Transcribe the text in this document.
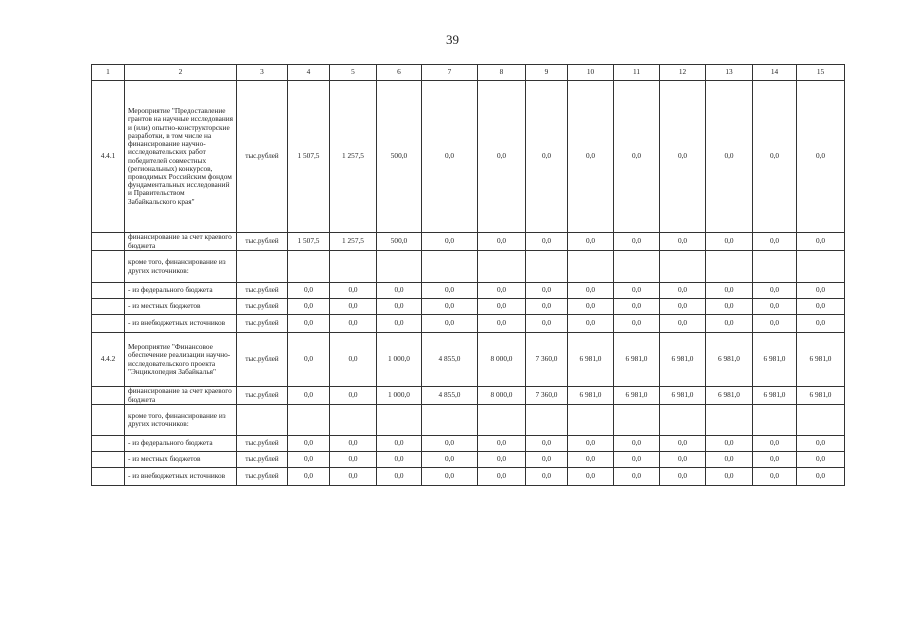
39
1	2	3	4	5	6	7	8	9	10	11	12	13	14	15
4.4.1	Мероприятие "Предоставление грантов на научные исследования и (или) опытно-конструкторские разработки, в том числе на финансирование научно-исследовательских работ победителей совместных (региональных) конкурсов, проводимых Российским фондом фундаментальных исследований и Правительством Забайкальского края"	тыс.рублей	1 507,5	1 257,5	500,0	0,0	0,0	0,0	0,0	0,0	0,0	0,0	0,0	0,0
	финансирование за счет краевого бюджета	тыс.рублей	1 507,5	1 257,5	500,0	0,0	0,0	0,0	0,0	0,0	0,0	0,0	0,0	0,0
	кроме того, финансирование из других источников:													
	- из федерального бюджета	тыс.рублей	0,0	0,0	0,0	0,0	0,0	0,0	0,0	0,0	0,0	0,0	0,0	0,0
	- из местных бюджетов	тыс.рублей	0,0	0,0	0,0	0,0	0,0	0,0	0,0	0,0	0,0	0,0	0,0	0,0
	- из внебюджетных источников	тыс.рублей	0,0	0,0	0,0	0,0	0,0	0,0	0,0	0,0	0,0	0,0	0,0	0,0
4.4.2	Мероприятие "Финансовое обеспечение реализации научно-исследовательского проекта "Энциклопедия Забайкалья"	тыс.рублей	0,0	0,0	1 000,0	4 855,0	8 000,0	7 360,0	6 981,0	6 981,0	6 981,0	6 981,0	6 981,0	6 981,0
	финансирование за счет краевого бюджета	тыс.рублей	0,0	0,0	1 000,0	4 855,0	8 000,0	7 360,0	6 981,0	6 981,0	6 981,0	6 981,0	6 981,0	6 981,0
	кроме того, финансирование из других источников:													
	- из федерального бюджета	тыс.рублей	0,0	0,0	0,0	0,0	0,0	0,0	0,0	0,0	0,0	0,0	0,0	0,0
	- из местных бюджетов	тыс.рублей	0,0	0,0	0,0	0,0	0,0	0,0	0,0	0,0	0,0	0,0	0,0	0,0
	- из внебюджетных источников	тыс.рублей	0,0	0,0	0,0	0,0	0,0	0,0	0,0	0,0	0,0	0,0	0,0	0,0
